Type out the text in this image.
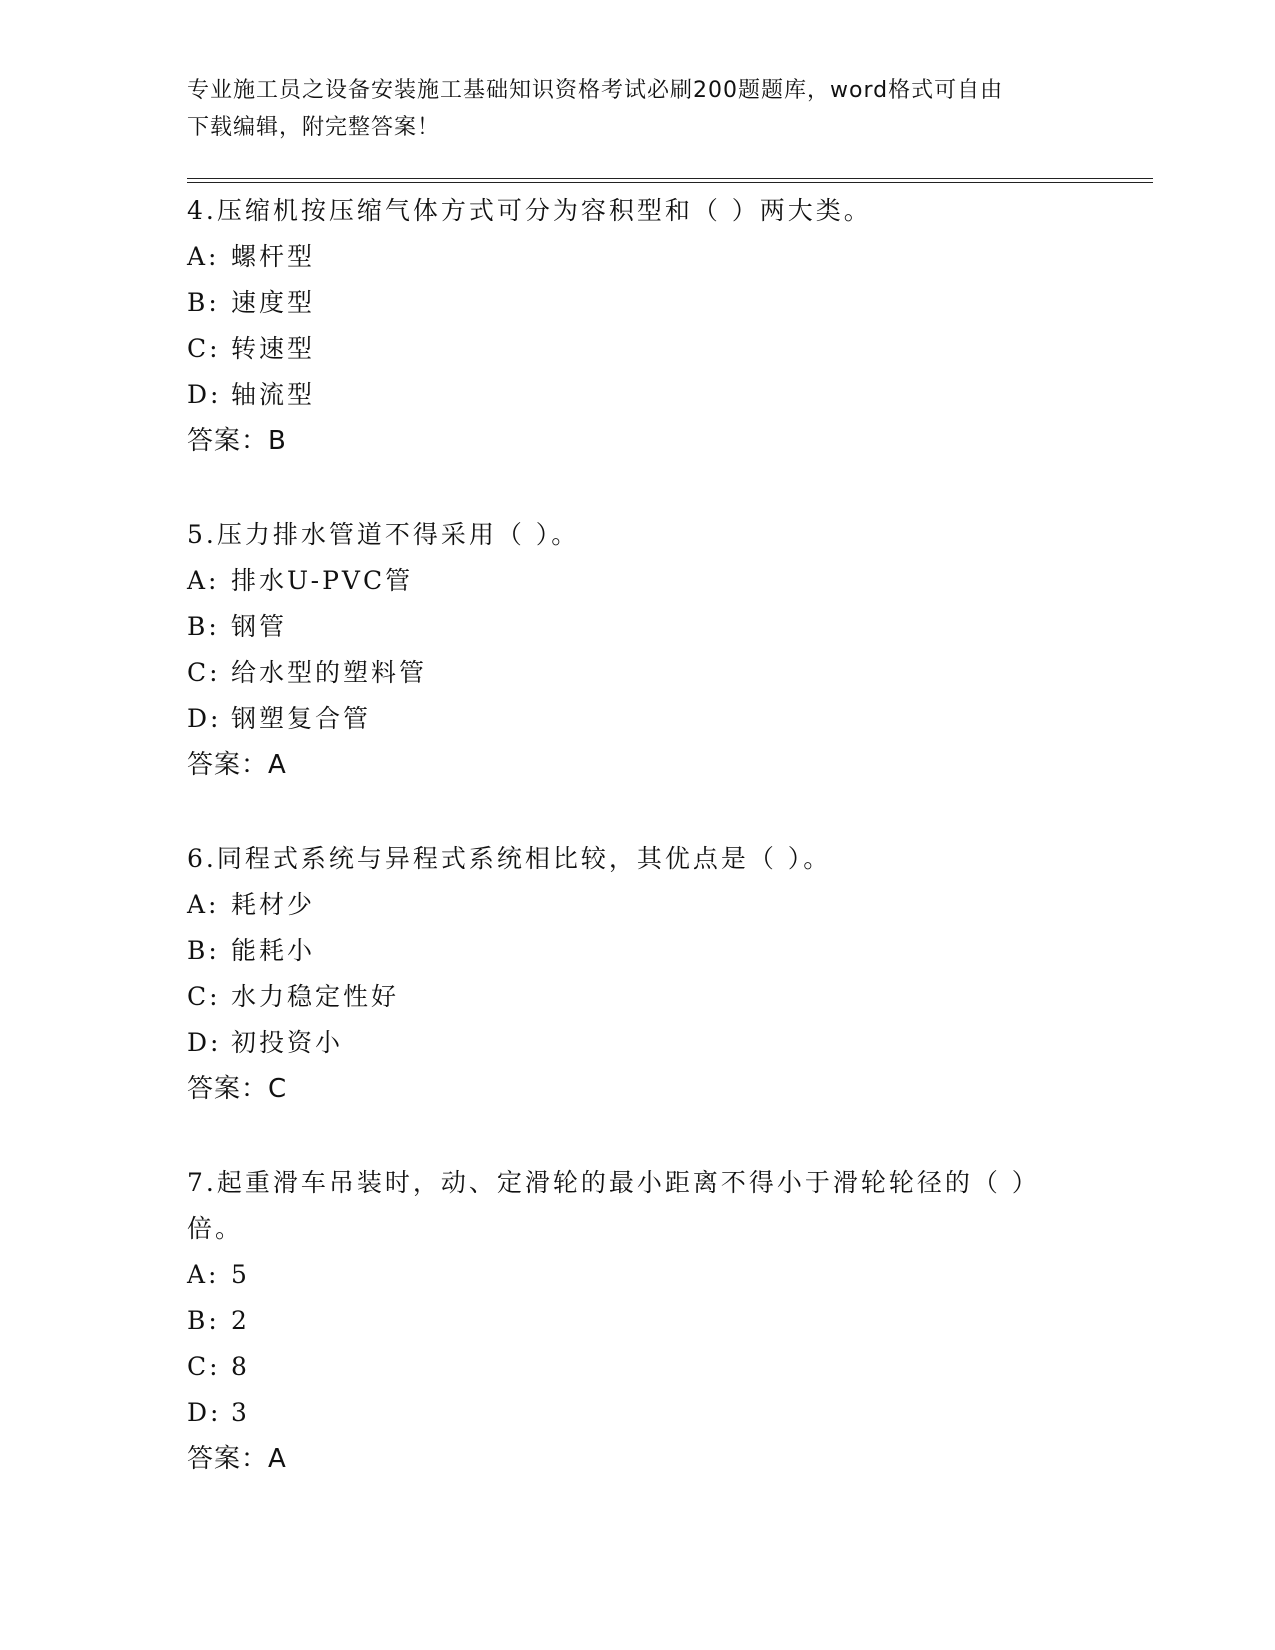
专业施工员之设备安装施工基础知识资格考试必刷200题题库，word格式可自由
下载编辑，附完整答案！
4.压缩机按压缩气体方式可分为容积型和（ ）两大类。
A: 螺杆型
B: 速度型
C: 转速型
D: 轴流型
答案：B
5.压力排水管道不得采用（ ）。
A: 排水U-PVC管
B: 钢管
C: 给水型的塑料管
D: 钢塑复合管
答案：A
6.同程式系统与异程式系统相比较，其优点是（ ）。
A: 耗材少
B: 能耗小
C: 水力稳定性好
D: 初投资小
答案：C
7.起重滑车吊装时，动、定滑轮的最小距离不得小于滑轮轮径的（ ）倍。
A: 5
B: 2
C: 8
D: 3
答案：A
